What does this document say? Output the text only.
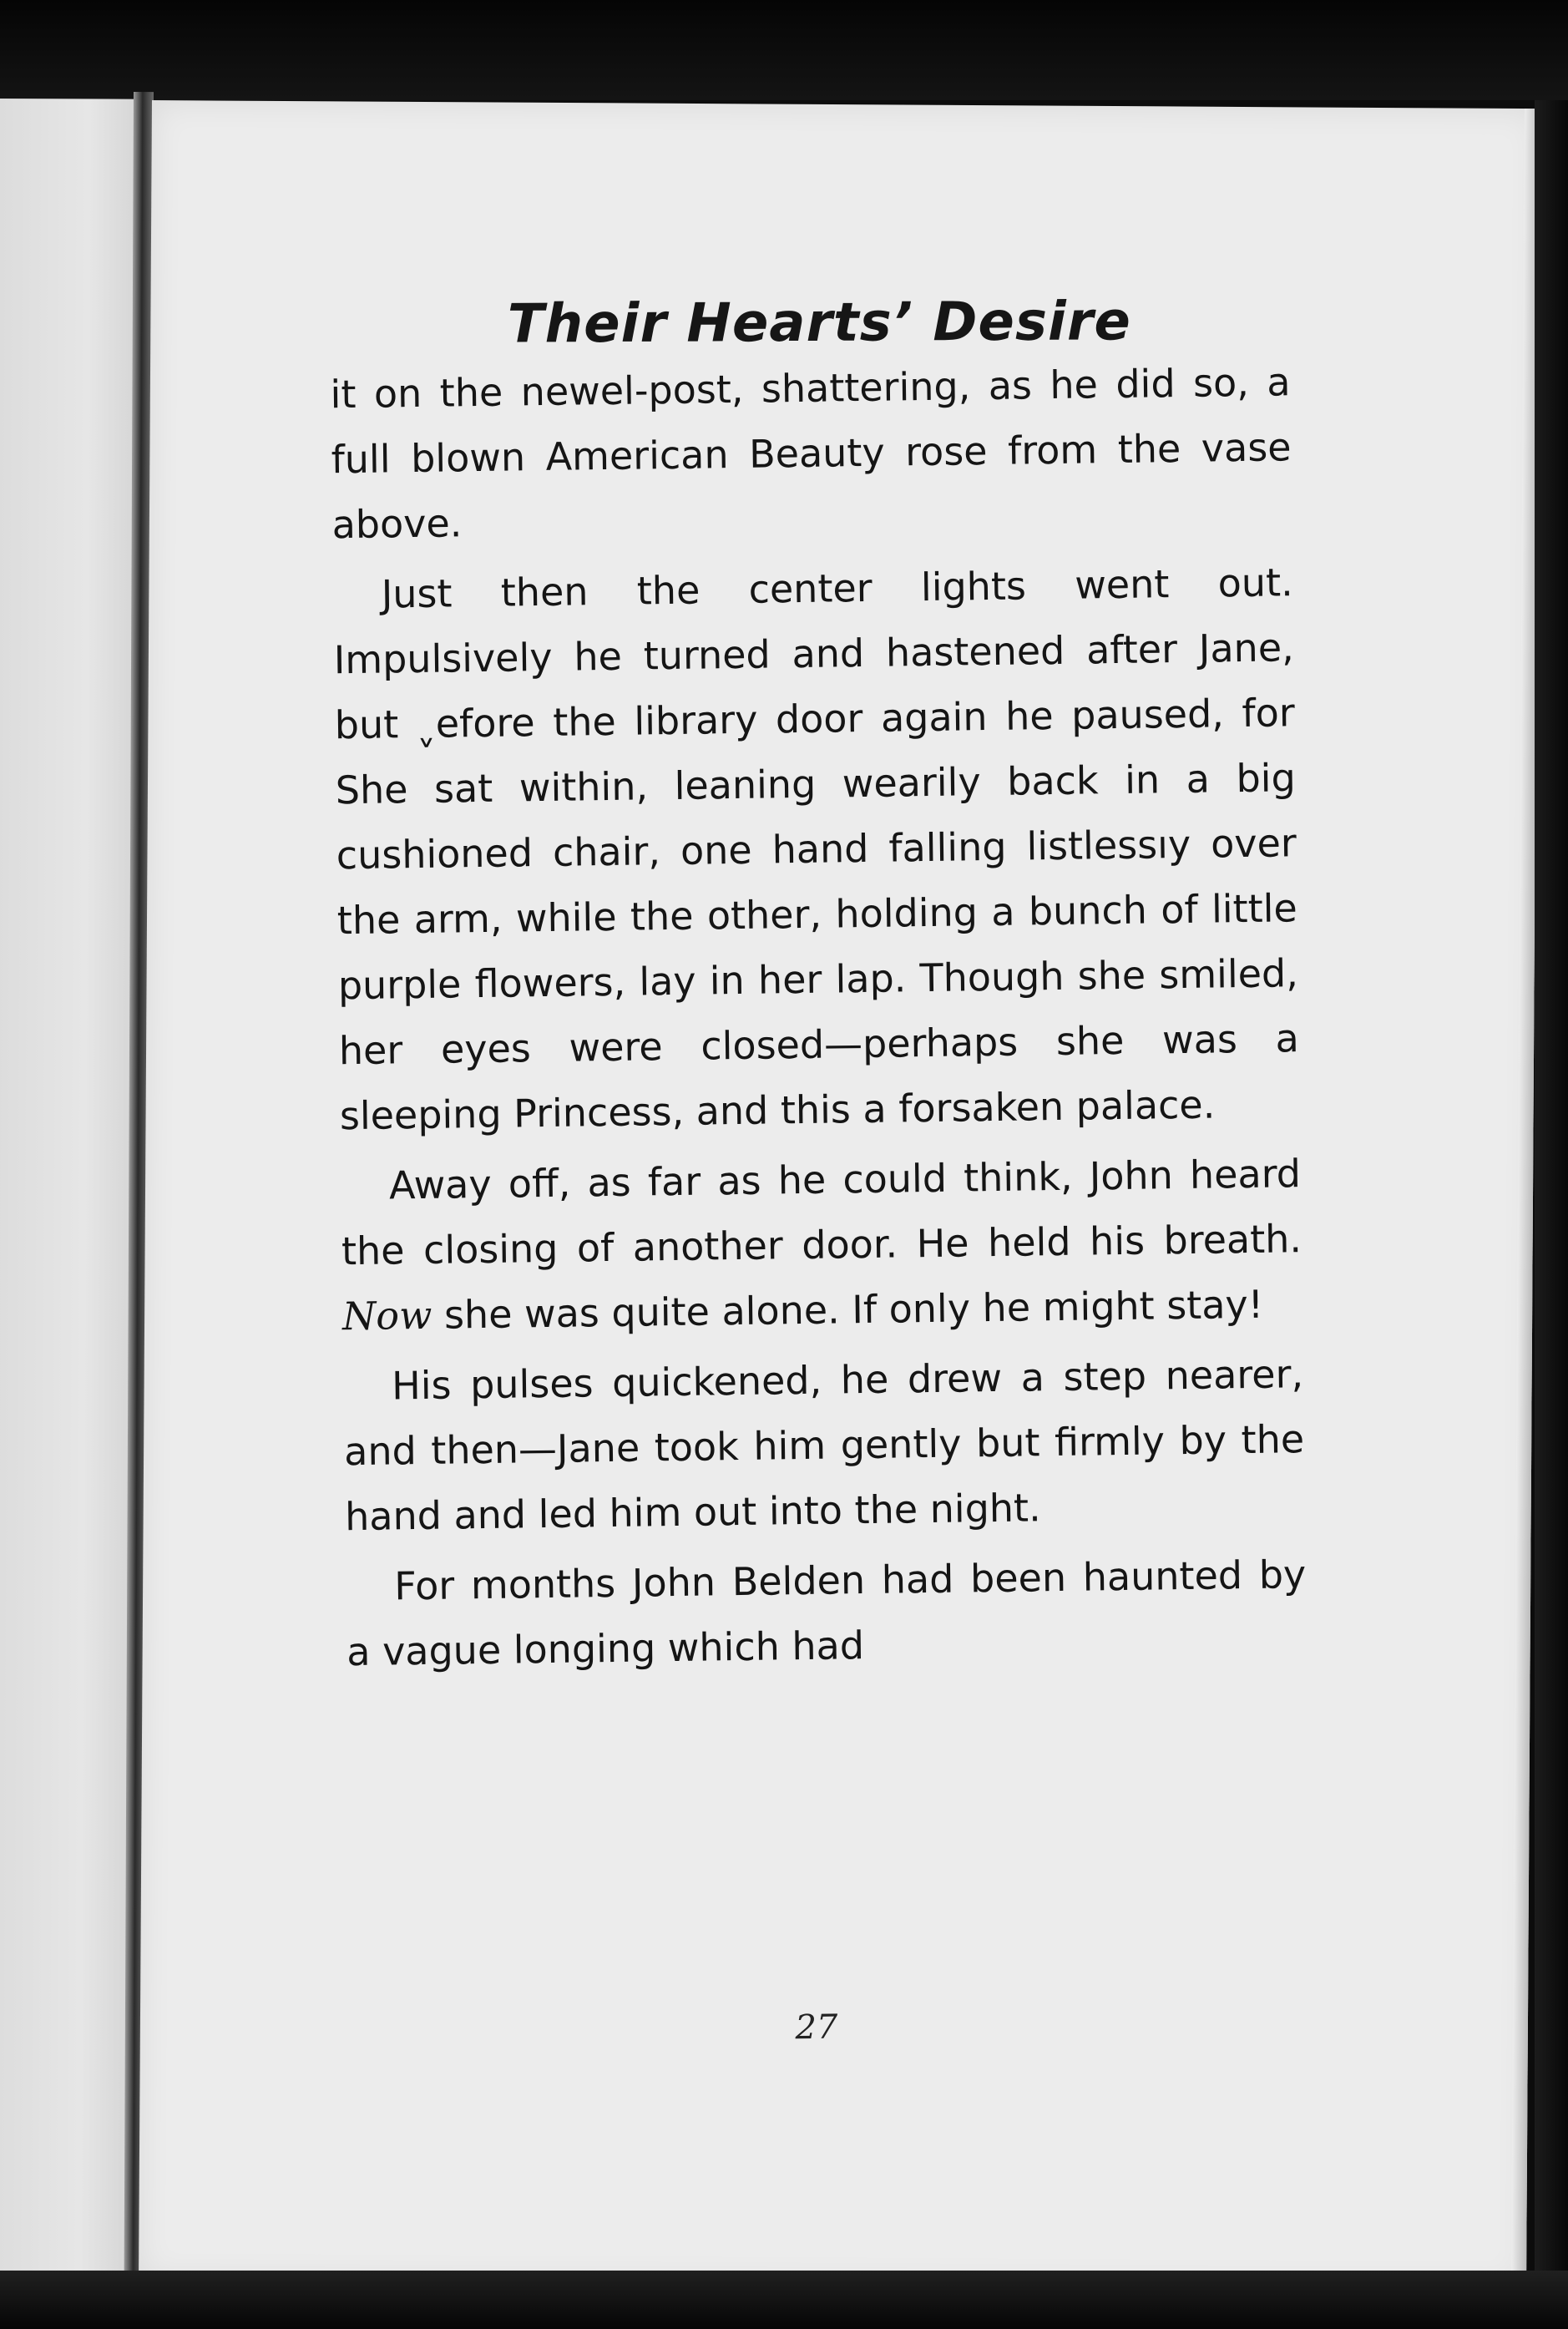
Their Hearts’ Desire

it on the newel-post, shattering, as he did so, a full blown American Beauty rose from the vase above.

Just then the center lights went out. Impulsively he turned and hastened after Jane, but ˬefore the library door again he paused, for She sat within, leaning wearily back in a big cushioned chair, one hand falling listlessıy over the arm, while the other, holding a bunch of little purple flowers, lay in her lap. Though she smiled, her eyes were closed—perhaps she was a sleeping Princess, and this a forsaken palace.

Away off, as far as he could think, John heard the closing of another door. He held his breath. Now she was quite alone. If only he might stay!

His pulses quickened, he drew a step nearer, and then—Jane took him gently but firmly by the hand and led him out into the night.

For months John Belden had been haunted by a vague longing which had

27
